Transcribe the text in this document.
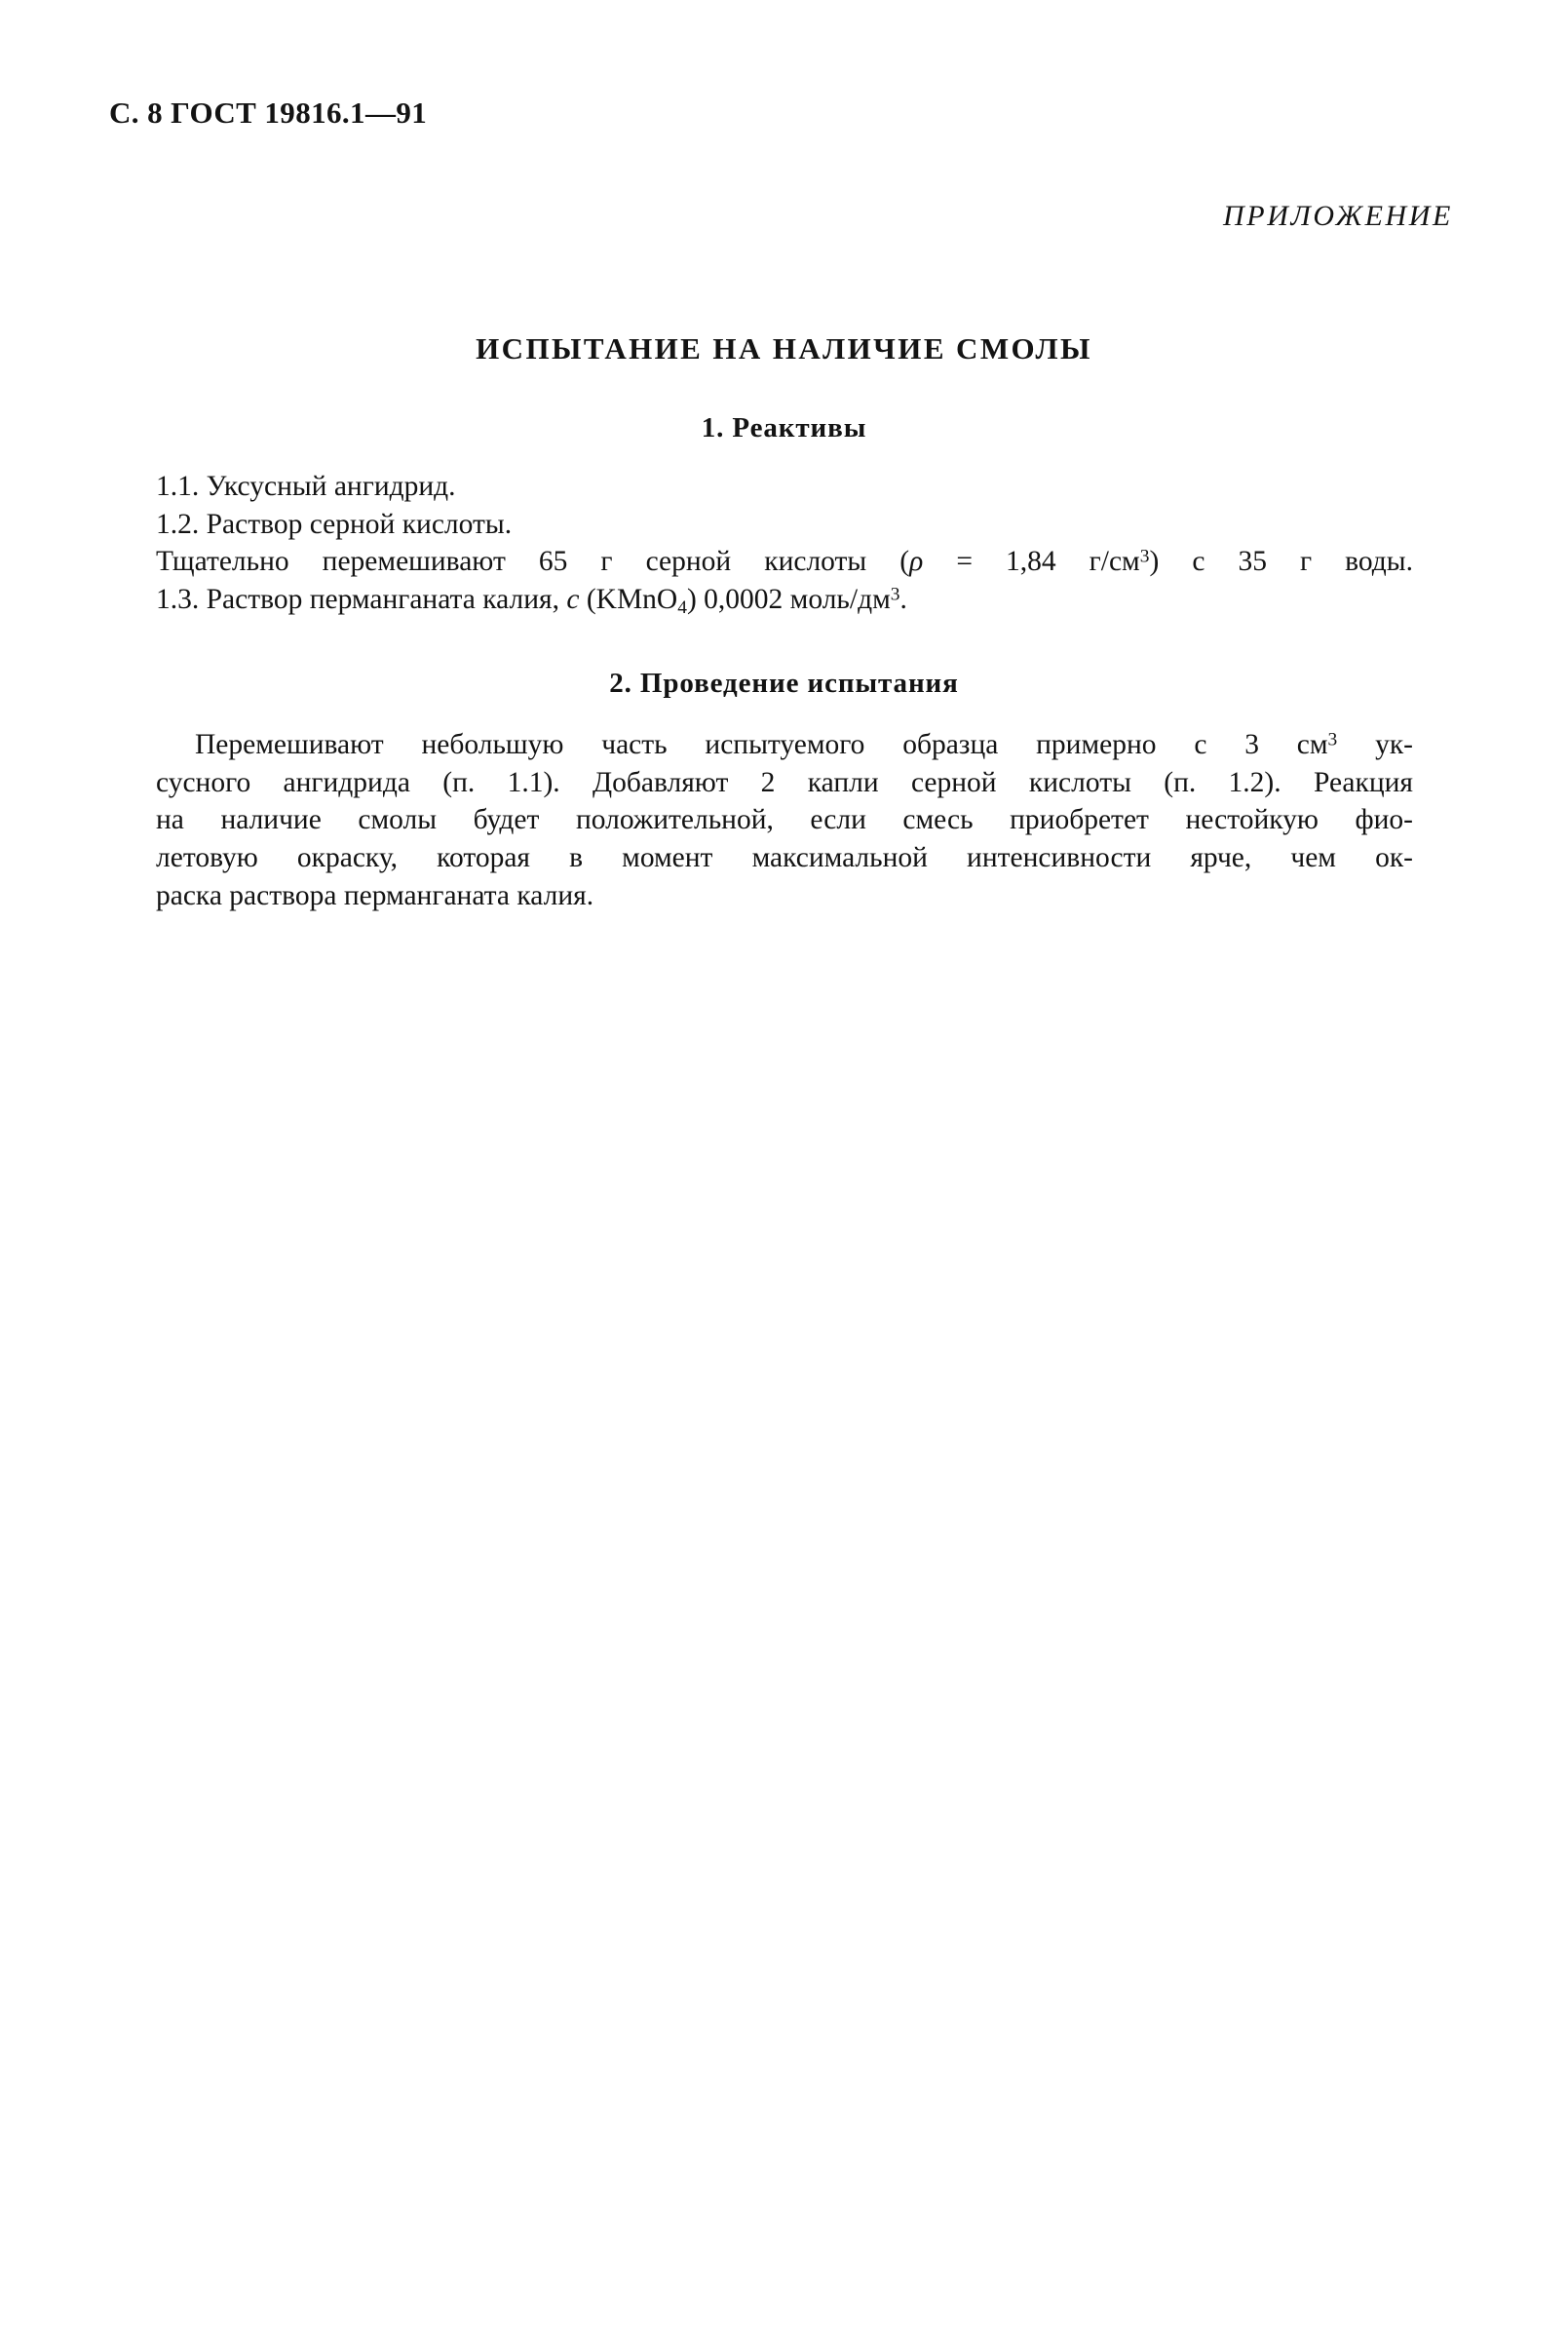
С. 8 ГОСТ 19816.1—91
ПРИЛОЖЕНИЕ
ИСПЫТАНИЕ НА НАЛИЧИЕ СМОЛЫ
1. Реактивы

1.1. Уксусный ангидрид.

1.2. Раствор серной кислоты.

Тщательно перемешивают 65 г серной кислоты (ρ = 1,84 $г/см^3$) с 35 г воды.

1.3. Раствор перманганата калия, с (KMnO$_4$) 0,0002 моль/$дм^3$.

2. Проведение испытания

Перемешивают небольшую часть испытуемого образца примерно с 3 $см^3$ ук-

сусного ангидрида (п. 1.1). Добавляют 2 капли серной кислоты (п. 1.2). Реакция

на наличие смолы будет положительной, если смесь приобретет нестойкую фио-

летовую окраску, которая в момент максимальной интенсивности ярче, чем ок-

раска раствора перманганата калия.
